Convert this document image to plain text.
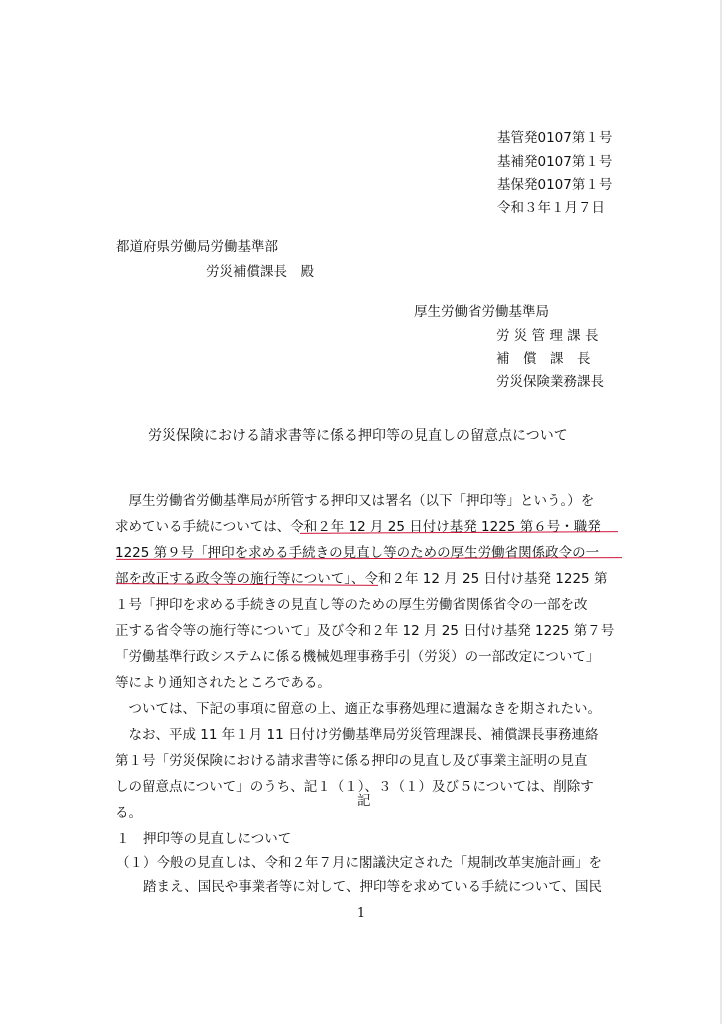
基管発0107第１号
基補発0107第１号
基保発0107第１号
令和３年１月７日
都道府県労働局労働基準部
労災補償課長　殿
厚生労働省労働基準局
労 災 管 理 課 長
補　償　課　長
労災保険業務課長
労災保険における請求書等に係る押印等の見直しの留意点について

　厚生労働省労働基準局が所管する押印又は署名（以下「押印等」という。）を

求めている手続については、令和２年 12 月 25 日付け基発 1225 第６号・職発

1225 第９号「押印を求める手続きの見直し等のための厚生労働省関係政令の一

部を改正する政令等の施行等について」、令和２年 12 月 25 日付け基発 1225 第

１号「押印を求める手続きの見直し等のための厚生労働省関係省令の一部を改

正する省令等の施行等について」及び令和２年 12 月 25 日付け基発 1225 第７号

「労働基準行政システムに係る機械処理事務手引（労災）の一部改定について」

等により通知されたところである。

　ついては、下記の事項に留意の上、適正な事務処理に遺漏なきを期されたい。

　なお、平成 11 年１月 11 日付け労働基準局労災管理課長、補償課長事務連絡

第１号「労災保険における請求書等に係る押印の見直し及び事業主証明の見直

しの留意点について」のうち、記１（１）、３（１）及び５については、削除す

る。

記
１　押印等の見直しについて
（１）今般の見直しは、令和２年７月に閣議決定された「規制改革実施計画」を
　　踏まえ、国民や事業者等に対して、押印等を求めている手続について、国民
1
